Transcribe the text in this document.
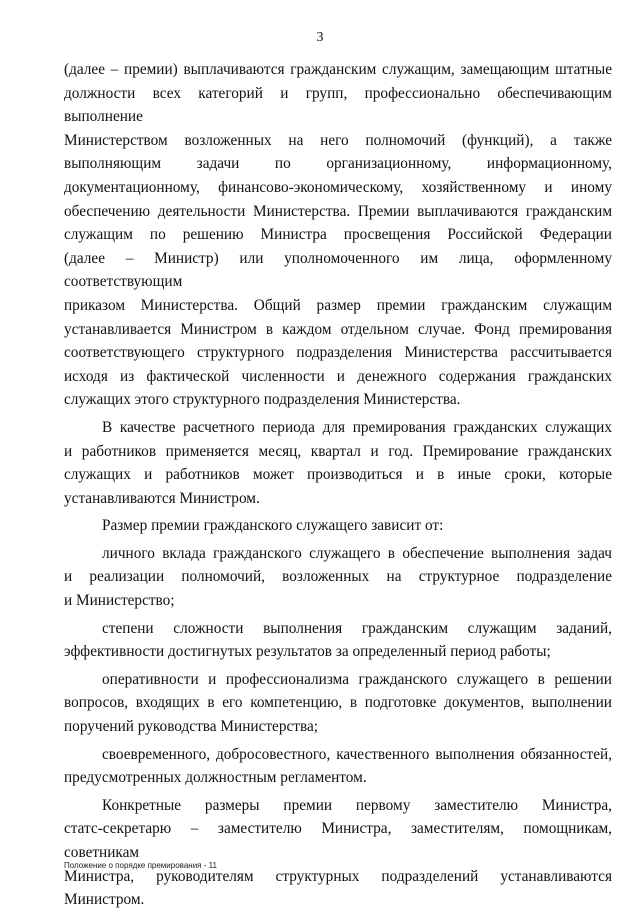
3

(далее – премии) выплачиваются гражданским служащим, замещающим штатные

должности всех категорий и групп, профессионально обеспечивающим выполнение

Министерством возложенных на него полномочий (функций), а также

выполняющим задачи по организационному, информационному,

документационному, финансово-экономическому, хозяйственному и иному

обеспечению деятельности Министерства. Премии выплачиваются гражданским

служащим по решению Министра просвещения Российской Федерации

(далее – Министр) или уполномоченного им лица, оформленному соответствующим

приказом Министерства. Общий размер премии гражданским служащим

устанавливается Министром в каждом отдельном случае. Фонд премирования

соответствующего структурного подразделения Министерства рассчитывается

исходя из фактической численности и денежного содержания гражданских

служащих этого структурного подразделения Министерства.

В качестве расчетного периода для премирования гражданских служащих

и работников применяется месяц, квартал и год. Премирование гражданских

служащих и работников может производиться и в иные сроки, которые

устанавливаются Министром.

Размер премии гражданского служащего зависит от:

личного вклада гражданского служащего в обеспечение выполнения задач

и реализации полномочий, возложенных на структурное подразделение

и Министерство;

степени сложности выполнения гражданским служащим заданий,

эффективности достигнутых результатов за определенный период работы;

оперативности и профессионализма гражданского служащего в решении

вопросов, входящих в его компетенцию, в подготовке документов, выполнении

поручений руководства Министерства;

своевременного, добросовестного, качественного выполнения обязанностей,

предусмотренных должностным регламентом.

Конкретные размеры премии первому заместителю Министра,

статс-секретарю – заместителю Министра, заместителям, помощникам, советникам

Министра, руководителям структурных подразделений устанавливаются

Министром.

Положение о порядке премирования - 11
